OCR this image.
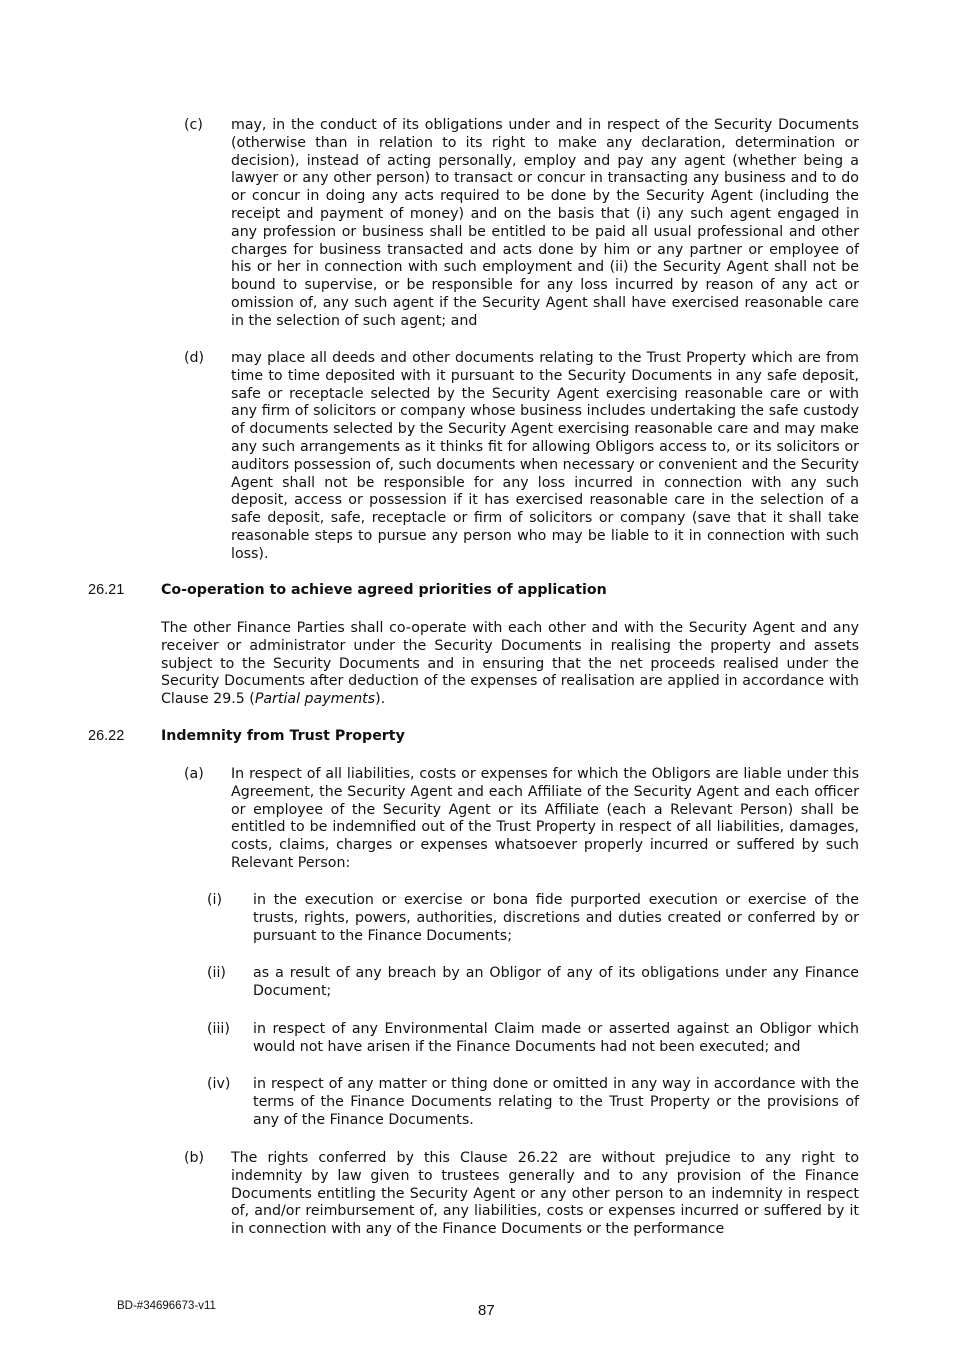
(c) may, in the conduct of its obligations under and in respect of the Security Documents (otherwise than in relation to its right to make any declaration, determination or decision), instead of acting personally, employ and pay any agent (whether being a lawyer or any other person) to transact or concur in transacting any business and to do or concur in doing any acts required to be done by the Security Agent (including the receipt and payment of money) and on the basis that (i) any such agent engaged in any profession or business shall be entitled to be paid all usual professional and other charges for business transacted and acts done by him or any partner or employee of his or her in connection with such employment and (ii) the Security Agent shall not be bound to supervise, or be responsible for any loss incurred by reason of any act or omission of, any such agent if the Security Agent shall have exercised reasonable care in the selection of such agent; and

(d) may place all deeds and other documents relating to the Trust Property which are from time to time deposited with it pursuant to the Security Documents in any safe deposit, safe or receptacle selected by the Security Agent exercising reasonable care or with any firm of solicitors or company whose business includes undertaking the safe custody of documents selected by the Security Agent exercising reasonable care and may make any such arrangements as it thinks fit for allowing Obligors access to, or its solicitors or auditors possession of, such documents when necessary or convenient and the Security Agent shall not be responsible for any loss incurred in connection with any such deposit, access or possession if it has exercised reasonable care in the selection of a safe deposit, safe, receptacle or firm of solicitors or company (save that it shall take reasonable steps to pursue any person who may be liable to it in connection with such loss).

26.21	Co-operation to achieve agreed priorities of application

The other Finance Parties shall co-operate with each other and with the Security Agent and any receiver or administrator under the Security Documents in realising the property and assets subject to the Security Documents and in ensuring that the net proceeds realised under the Security Documents after deduction of the expenses of realisation are applied in accordance with Clause 29.5 (Partial payments).

26.22	Indemnity from Trust Property

(a) In respect of all liabilities, costs or expenses for which the Obligors are liable under this Agreement, the Security Agent and each Affiliate of the Security Agent and each officer or employee of the Security Agent or its Affiliate (each a Relevant Person) shall be entitled to be indemnified out of the Trust Property in respect of all liabilities, damages, costs, claims, charges or expenses whatsoever properly incurred or suffered by such Relevant Person:

(i) in the execution or exercise or bona fide purported execution or exercise of the trusts, rights, powers, authorities, discretions and duties created or conferred by or pursuant to the Finance Documents;

(ii) as a result of any breach by an Obligor of any of its obligations under any Finance Document;

(iii) in respect of any Environmental Claim made or asserted against an Obligor which would not have arisen if the Finance Documents had not been executed; and

(iv) in respect of any matter or thing done or omitted in any way in accordance with the terms of the Finance Documents relating to the Trust Property or the provisions of any of the Finance Documents.

(b) The rights conferred by this Clause 26.22 are without prejudice to any right to indemnity by law given to trustees generally and to any provision of the Finance Documents entitling the Security Agent or any other person to an indemnity in respect of, and/or reimbursement of, any liabilities, costs or expenses incurred or suffered by it in connection with any of the Finance Documents or the performance

BD-#34696673-v11	87
